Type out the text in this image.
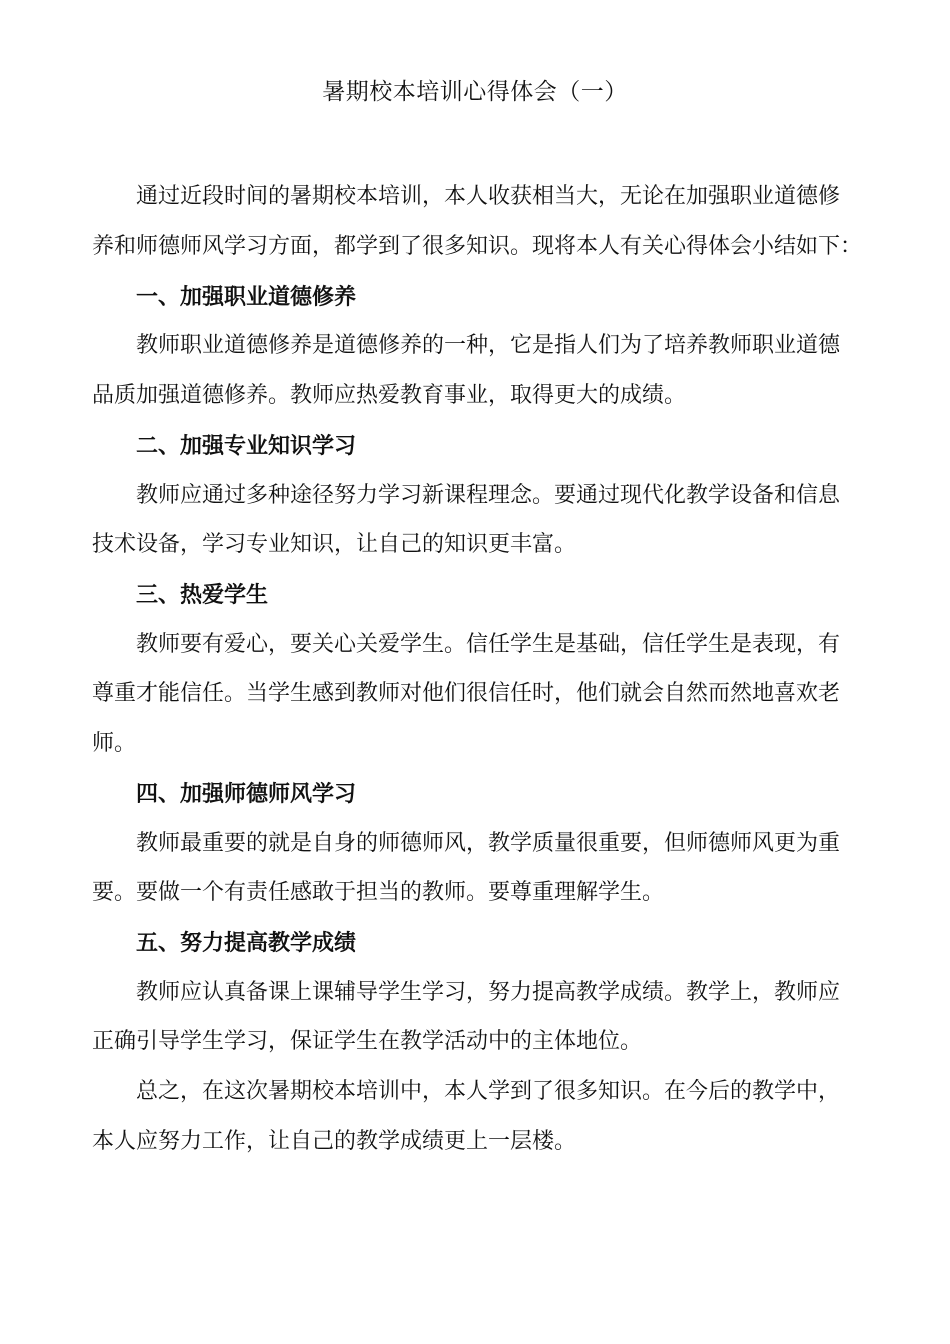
暑期校本培训心得体会（一）
通过近段时间的暑期校本培训，本人收获相当大，无论在加强职业道德修
养和师德师风学习方面，都学到了很多知识。现将本人有关心得体会小结如下：
一、加强职业道德修养
教师职业道德修养是道德修养的一种，它是指人们为了培养教师职业道德
品质加强道德修养。教师应热爱教育事业，取得更大的成绩。
二、加强专业知识学习
教师应通过多种途径努力学习新课程理念。要通过现代化教学设备和信息
技术设备，学习专业知识，让自己的知识更丰富。
三、热爱学生
教师要有爱心，要关心关爱学生。信任学生是基础，信任学生是表现，有
尊重才能信任。当学生感到教师对他们很信任时，他们就会自然而然地喜欢老
师。
四、加强师德师风学习
教师最重要的就是自身的师德师风，教学质量很重要，但师德师风更为重
要。要做一个有责任感敢于担当的教师。要尊重理解学生。
五、努力提高教学成绩
教师应认真备课上课辅导学生学习，努力提高教学成绩。教学上，教师应
正确引导学生学习，保证学生在教学活动中的主体地位。
总之，在这次暑期校本培训中，本人学到了很多知识。在今后的教学中，
本人应努力工作，让自己的教学成绩更上一层楼。
